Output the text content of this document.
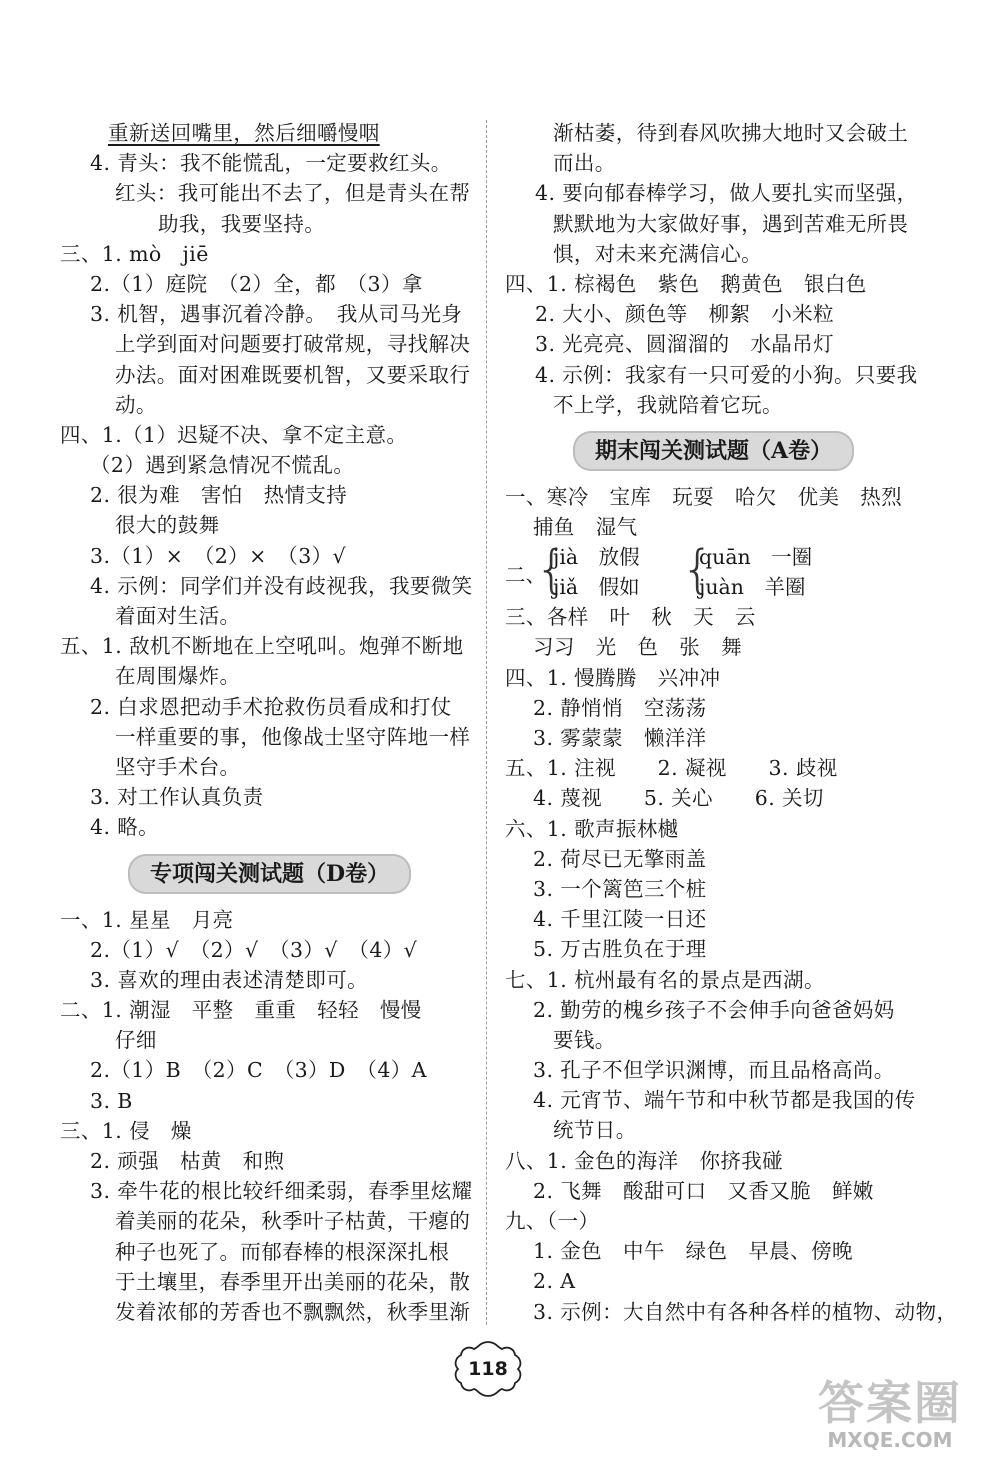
重新送回嘴里，然后细嚼慢咽
4. 青头：我不能慌乱，一定要救红头。
红头：我可能出不去了，但是青头在帮
助我，我要坚持。
三、1. mò　jiē
2.（1）庭院　（2）全，都　（3）拿
3. 机智，遇事沉着冷静。　我从司马光身
上学到面对问题要打破常规，寻找解决
办法。面对困难既要机智，又要采取行
动。
四、1.（1）迟疑不决、拿不定主意。
（2）遇到紧急情况不慌乱。
2. 很为难　害怕　热情支持
很大的鼓舞
3.（1）×　（2）×　（3）√
4. 示例：同学们并没有歧视我，我要微笑
着面对生活。
五、1. 敌机不断地在上空吼叫。炮弹不断地
在周围爆炸。
2. 白求恩把动手术抢救伤员看成和打仗
一样重要的事，他像战士坚守阵地一样
坚守手术台。
3. 对工作认真负责
4. 略。
专项闯关测试题（D卷）
一、1. 星星　月亮
2.（1）√　（2）√　（3）√　（4）√
3. 喜欢的理由表述清楚即可。
二、1. 潮湿　平整　重重　轻轻　慢慢
仔细
2.（1）B　（2）C　（3）D　（4）A
3. B
三、1. 侵　燥
2. 顽强　枯黄　和煦
3. 牵牛花的根比较纤细柔弱，春季里炫耀
着美丽的花朵，秋季叶子枯黄，干瘪的
种子也死了。而郁春棒的根深深扎根
于土壤里，春季里开出美丽的花朵，散
发着浓郁的芳香也不飘飘然，秋季里渐
渐枯萎，待到春风吹拂大地时又会破土
而出。
4. 要向郁春棒学习，做人要扎实而坚强，
默默地为大家做好事，遇到苦难无所畏
惧，对未来充满信心。
四、1. 棕褐色　紫色　鹅黄色　银白色
2. 大小、颜色等　柳絮　小米粒
3. 光亮亮、圆溜溜的　水晶吊灯
4. 示例：我家有一只可爱的小狗。只要我
不上学，我就陪着它玩。
期末闯关测试题（A卷）
一、寒冷　宝库　玩耍　哈欠　优美　热烈
捕鱼　湿气
二、
{
jià　放假
jiǎ　假如 {
quān　一圈
juàn　羊圈
三、各样　叶　秋　天　云
习习　光　色　张　舞
四、1. 慢腾腾　兴冲冲
2. 静悄悄　空荡荡
3. 雾蒙蒙　懒洋洋
五、1. 注视　　2. 凝视　　3. 歧视
4. 蔑视　　5. 关心　　6. 关切
六、1. 歌声振林樾
2. 荷尽已无擎雨盖
3. 一个篱笆三个桩
4. 千里江陵一日还
5. 万古胜负在于理
七、1. 杭州最有名的景点是西湖。
2. 勤劳的槐乡孩子不会伸手向爸爸妈妈
要钱。
3. 孔子不但学识渊博，而且品格高尚。
4. 元宵节、端午节和中秋节都是我国的传
统节日。
八、1. 金色的海洋　你挤我碰
2. 飞舞　酸甜可口　又香又脆　鲜嫩
九、（一）
1. 金色　中午　绿色　早晨、傍晚
2. A
3. 示例：大自然中有各种各样的植物、动物，
118
答案圈
MXQE.COM
